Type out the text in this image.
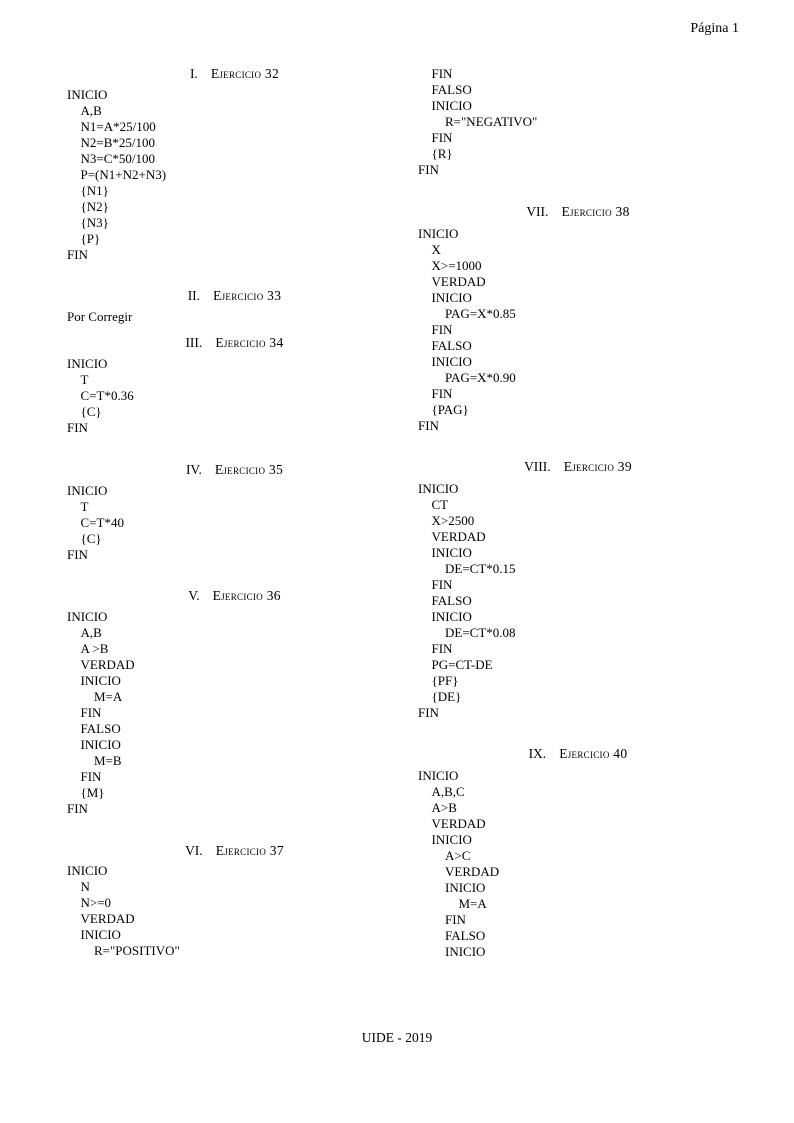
Página 1
I. Ejercicio 32
INICIO
A,B
N1=A*25/100
N2=B*25/100
N3=C*50/100
P=(N1+N2+N3)
{N1}
{N2}
{N3}
{P}
FIN
II. Ejercicio 33
Por Corregir
III. Ejercicio 34
INICIO
T
C=T*0.36
{C}
FIN
IV. Ejercicio 35
INICIO
T
C=T*40
{C}
FIN
V. Ejercicio 36
INICIO
A,B
A >B
VERDAD
INICIO
M=A
FIN
FALSO
INICIO
M=B
FIN
{M}
FIN
VI. Ejercicio 37
INICIO
N
N>=0
VERDAD
INICIO
R="POSITIVO"
FIN
FALSO
INICIO
R="NEGATIVO"
FIN
{R}
FIN
VII. Ejercicio 38
INICIO
X
X>=1000
VERDAD
INICIO
PAG=X*0.85
FIN
FALSO
INICIO
PAG=X*0.90
FIN
{PAG}
FIN
VIII. Ejercicio 39
INICIO
CT
X>2500
VERDAD
INICIO
DE=CT*0.15
FIN
FALSO
INICIO
DE=CT*0.08
FIN
PG=CT-DE
{PF}
{DE}
FIN
IX. Ejercicio 40
INICIO
A,B,C
A>B
VERDAD
INICIO
A>C
VERDAD
INICIO
M=A
FIN
FALSO
INICIO
UIDE - 2019
